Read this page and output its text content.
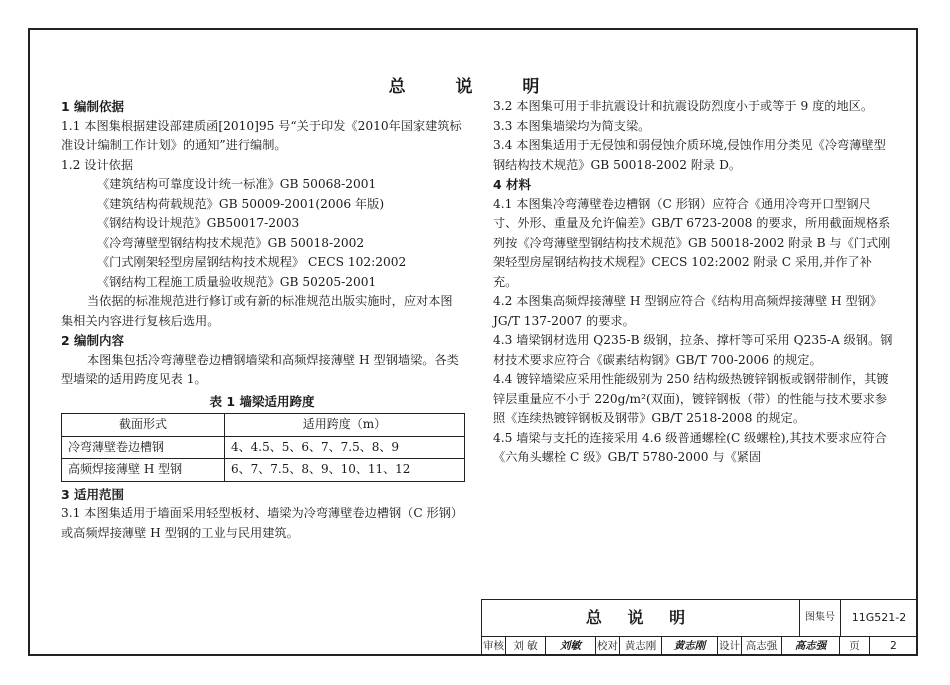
总 说 明

1 编制依据

1.1 本图集根据建设部建质函[2010]95 号“关于印发《2010年国家建筑标准设计编制工作计划》的通知”进行编制。

1.2 设计依据

《建筑结构可靠度设计统一标准》GB 50068-2001

《建筑结构荷载规范》GB 50009-2001(2006 年版)

《钢结构设计规范》GB50017-2003

《冷弯薄壁型钢结构技术规范》GB 50018-2002

《门式刚架轻型房屋钢结构技术规程》 CECS 102:2002

《钢结构工程施工质量验收规范》GB 50205-2001

当依据的标准规范进行修订或有新的标准规范出版实施时，应对本图集相关内容进行复核后选用。

2 编制内容

本图集包括冷弯薄壁卷边槽钢墙梁和高频焊接薄壁 H 型钢墙梁。各类型墙梁的适用跨度见表 1。

表 1 墙梁适用跨度

截面形式	适用跨度（m）
冷弯薄壁卷边槽钢	4、4.5、5、6、7、7.5、8、9
高频焊接薄壁 H 型钢	6、7、7.5、8、9、10、11、12

3 适用范围

3.1 本图集适用于墙面采用轻型板材、墙梁为冷弯薄壁卷边槽钢（C 形钢）或高频焊接薄壁 H 型钢的工业与民用建筑。

3.2 本图集可用于非抗震设计和抗震设防烈度小于或等于 9 度的地区。

3.3 本图集墙梁均为简支梁。

3.4 本图集适用于无侵蚀和弱侵蚀介质环境,侵蚀作用分类见《冷弯薄壁型钢结构技术规范》GB 50018-2002 附录 D。

4 材料

4.1 本图集冷弯薄壁卷边槽钢（C 形钢）应符合《通用冷弯开口型钢尺寸、外形、重量及允许偏差》GB/T 6723-2008 的要求，所用截面规格系列按《冷弯薄壁型钢结构技术规范》GB 50018-2002 附录 B 与《门式刚架轻型房屋钢结构技术规程》CECS 102:2002 附录 C 采用,并作了补充。

4.2 本图集高频焊接薄壁 H 型钢应符合《结构用高频焊接薄壁 H 型钢》JG/T 137-2007 的要求。

4.3 墙梁钢材选用 Q235-B 级钢，拉条、撑杆等可采用 Q235-A 级钢。钢材技术要求应符合《碳素结构钢》GB/T 700-2006 的规定。

4.4 镀锌墙梁应采用性能级别为 250 结构级热镀锌钢板或钢带制作，其镀锌层重量应不小于 220g/m²(双面)，镀锌钢板（带）的性能与技术要求参照《连续热镀锌钢板及钢带》GB/T 2518-2008 的规定。

4.5 墙梁与支托的连接采用 4.6 级普通螺栓(C 级螺栓),其技术要求应符合《六角头螺栓 C 级》GB/T 5780-2000 与《紧固

总 说 明	图集号	11G521-2
审核 刘 敏	刘敏	校对 黄志刚	黄志刚	设计 高志强	高志强	页	2
